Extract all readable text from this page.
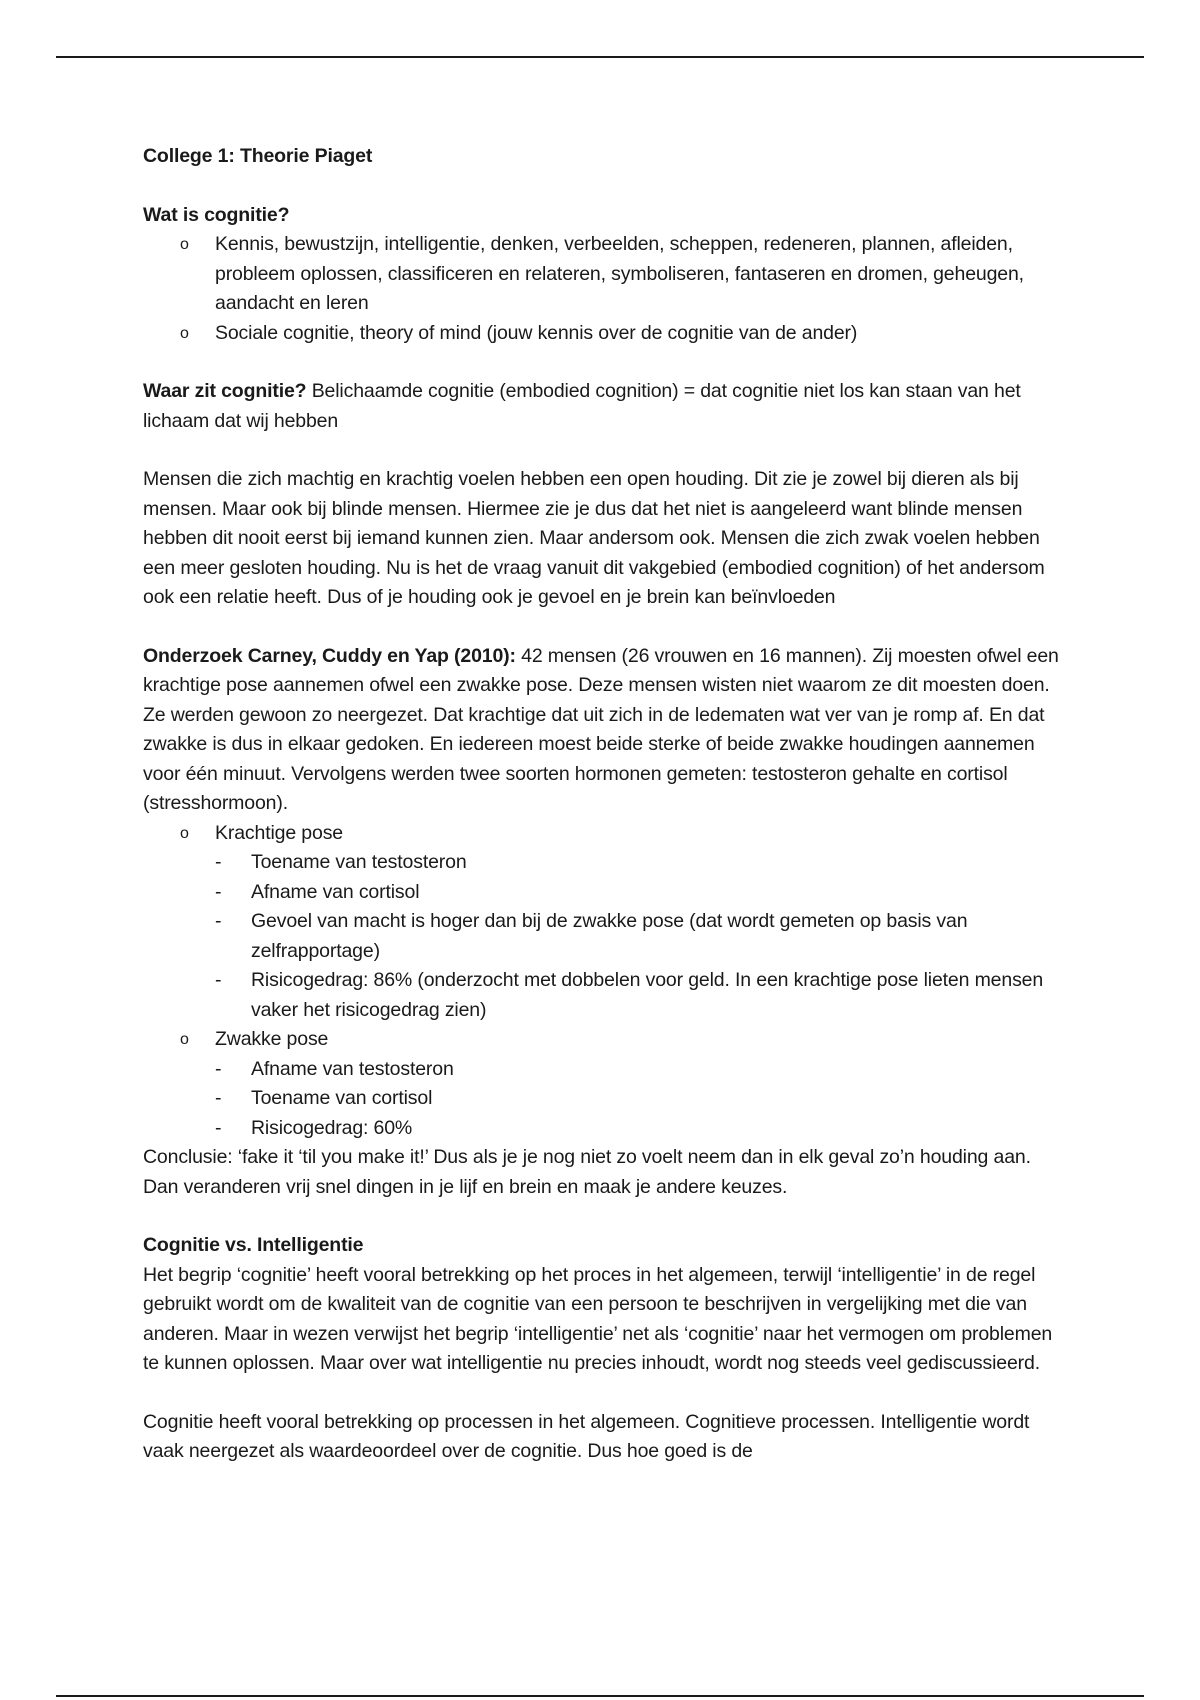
College 1: Theorie Piaget

Wat is cognitie?

o Kennis, bewustzijn, intelligentie, denken, verbeelden, scheppen, redeneren, plannen, afleiden, probleem oplossen, classificeren en relateren, symboliseren, fantaseren en dromen, geheugen, aandacht en leren
o Sociale cognitie, theory of mind (jouw kennis over de cognitie van de ander)

Waar zit cognitie? Belichaamde cognitie (embodied cognition) = dat cognitie niet los kan staan van het lichaam dat wij hebben

Mensen die zich machtig en krachtig voelen hebben een open houding. Dit zie je zowel bij dieren als bij mensen. Maar ook bij blinde mensen. Hiermee zie je dus dat het niet is aangeleerd want blinde mensen hebben dit nooit eerst bij iemand kunnen zien. Maar andersom ook. Mensen die zich zwak voelen hebben een meer gesloten houding. Nu is het de vraag vanuit dit vakgebied (embodied cognition) of het andersom ook een relatie heeft. Dus of je houding ook je gevoel en je brein kan beïnvloeden

Onderzoek Carney, Cuddy en Yap (2010): 42 mensen (26 vrouwen en 16 mannen). Zij moesten ofwel een krachtige pose aannemen ofwel een zwakke pose. Deze mensen wisten niet waarom ze dit moesten doen. Ze werden gewoon zo neergezet. Dat krachtige dat uit zich in de ledematen wat ver van je romp af. En dat zwakke is dus in elkaar gedoken. En iedereen moest beide sterke of beide zwakke houdingen aannemen voor één minuut. Vervolgens werden twee soorten hormonen gemeten: testosteron gehalte en cortisol (stresshormoon).

o Krachtige pose
- Toename van testosteron
- Afname van cortisol
- Gevoel van macht is hoger dan bij de zwakke pose (dat wordt gemeten op basis van zelfrapportage)
- Risicogedrag: 86% (onderzocht met dobbelen voor geld. In een krachtige pose lieten mensen vaker het risicogedrag zien)
o Zwakke pose
- Afname van testosteron
- Toename van cortisol
- Risicogedrag: 60%

Conclusie: ‘fake it ‘til you make it!’ Dus als je je nog niet zo voelt neem dan in elk geval zo’n houding aan. Dan veranderen vrij snel dingen in je lijf en brein en maak je andere keuzes.

Cognitie vs. Intelligentie

Het begrip ‘cognitie’ heeft vooral betrekking op het proces in het algemeen, terwijl ‘intelligentie’ in de regel gebruikt wordt om de kwaliteit van de cognitie van een persoon te beschrijven in vergelijking met die van anderen. Maar in wezen verwijst het begrip ‘intelligentie’ net als ‘cognitie’ naar het vermogen om problemen te kunnen oplossen. Maar over wat intelligentie nu precies inhoudt, wordt nog steeds veel gediscussieerd.

Cognitie heeft vooral betrekking op processen in het algemeen. Cognitieve processen. Intelligentie wordt vaak neergezet als waardeoordeel over de cognitie. Dus hoe goed is de
